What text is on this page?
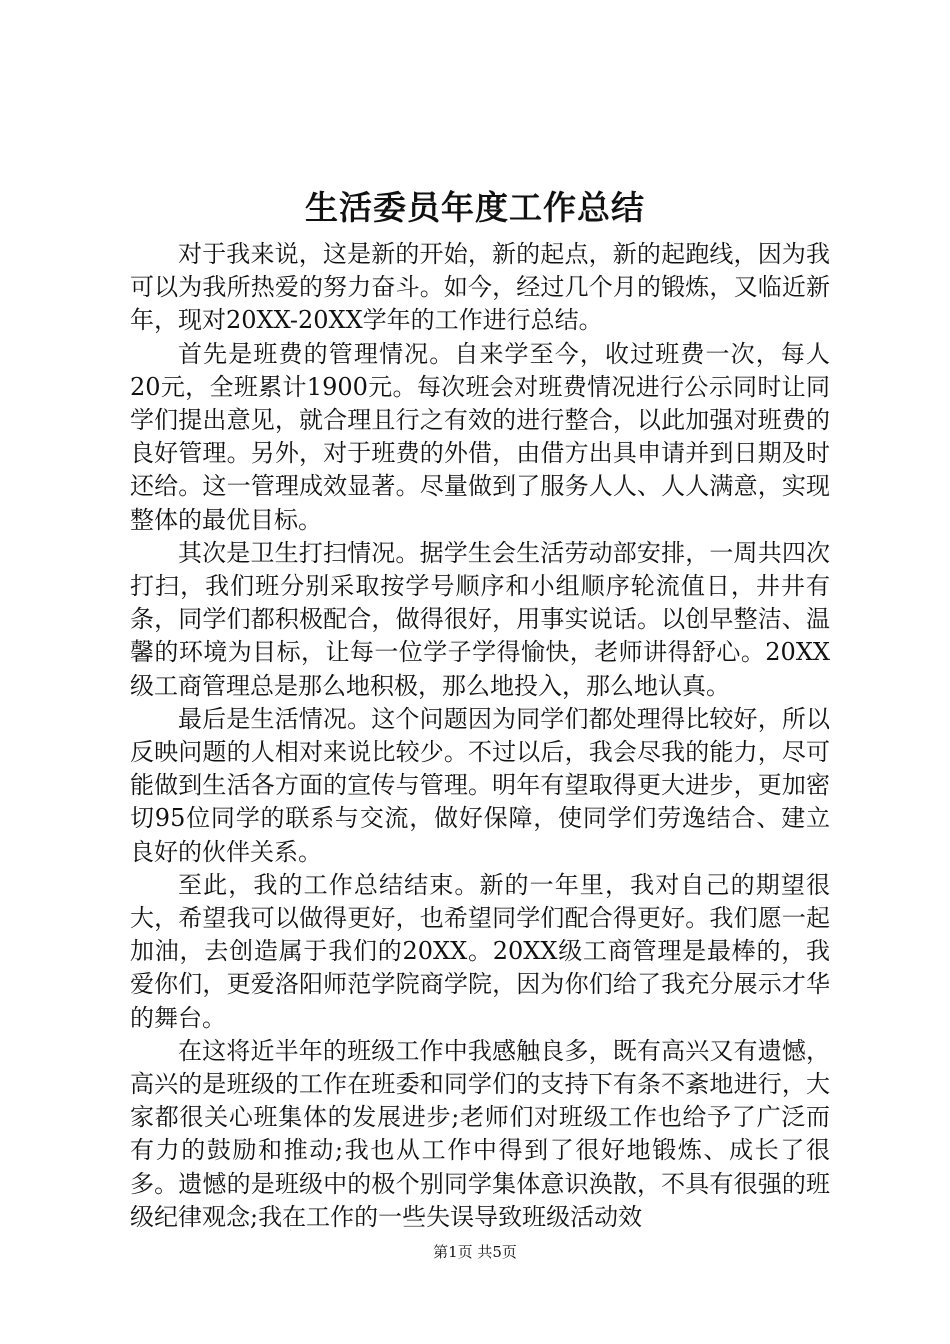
生活委员年度工作总结

对于我来说，这是新的开始，新的起点，新的起跑线，因为我可以为我所热爱的努力奋斗。如今，经过几个月的锻炼，又临近新年，现对20XX-20XX学年的工作进行总结。

首先是班费的管理情况。自来学至今，收过班费一次，每人20元，全班累计1900元。每次班会对班费情况进行公示同时让同学们提出意见，就合理且行之有效的进行整合，以此加强对班费的良好管理。另外，对于班费的外借，由借方出具申请并到日期及时还给。这一管理成效显著。尽量做到了服务人人、人人满意，实现整体的最优目标。

其次是卫生打扫情况。据学生会生活劳动部安排，一周共四次打扫，我们班分别采取按学号顺序和小组顺序轮流值日，井井有条，同学们都积极配合，做得很好，用事实说话。以创早整洁、温馨的环境为目标，让每一位学子学得愉快，老师讲得舒心。20XX级工商管理总是那么地积极，那么地投入，那么地认真。

最后是生活情况。这个问题因为同学们都处理得比较好，所以反映问题的人相对来说比较少。不过以后，我会尽我的能力，尽可能做到生活各方面的宣传与管理。明年有望取得更大进步，更加密切95位同学的联系与交流，做好保障，使同学们劳逸结合、建立良好的伙伴关系。

至此，我的工作总结结束。新的一年里，我对自己的期望很大，希望我可以做得更好，也希望同学们配合得更好。我们愿一起加油，去创造属于我们的20XX。20XX级工商管理是最棒的，我爱你们，更爱洛阳师范学院商学院，因为你们给了我充分展示才华的舞台。

在这将近半年的班级工作中我感触良多，既有高兴又有遗憾，高兴的是班级的工作在班委和同学们的支持下有条不紊地进行，大家都很关心班集体的发展进步;老师们对班级工作也给予了广泛而有力的鼓励和推动;我也从工作中得到了很好地锻炼、成长了很多。遗憾的是班级中的极个别同学集体意识涣散，不具有很强的班级纪律观念;我在工作的一些失误导致班级活动效

第1页 共5页
